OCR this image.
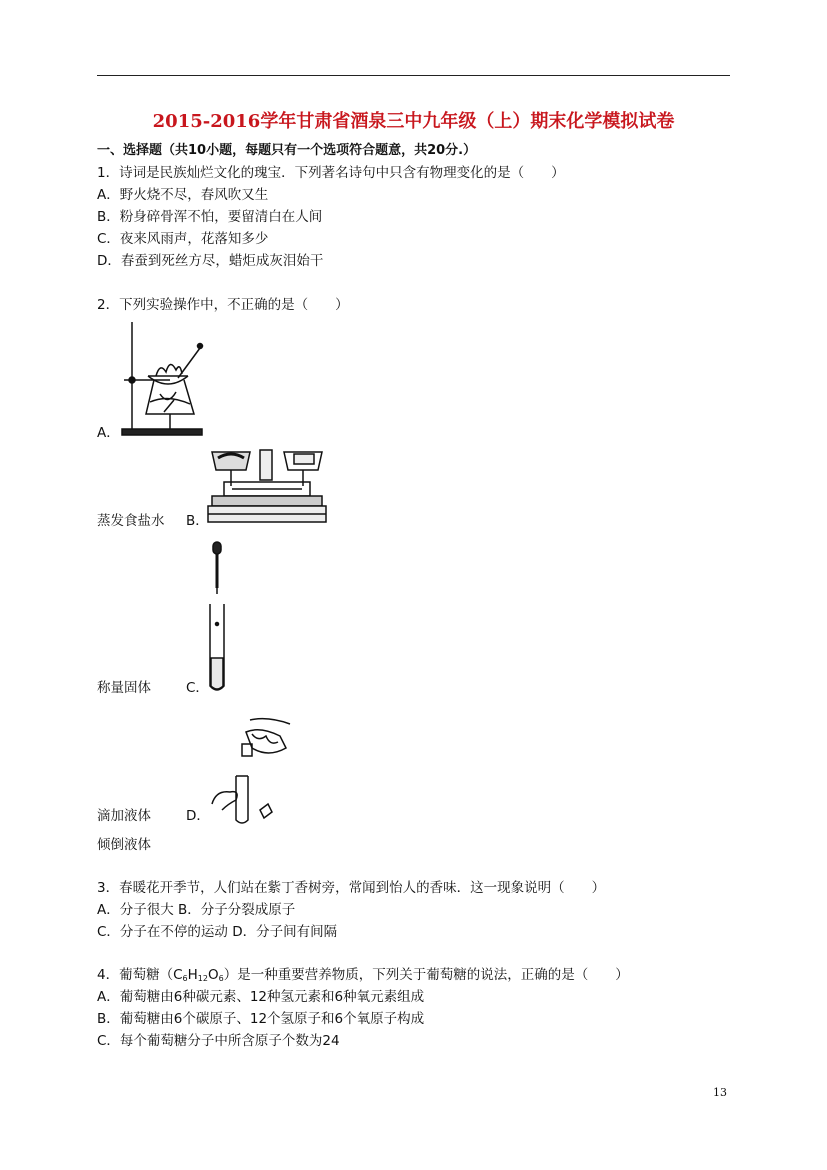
2015-2016学年甘肃省酒泉三中九年级（上）期末化学模拟试卷
一、选择题（共10小题，每题只有一个选项符合题意，共20分.）
1．诗词是民族灿烂文化的瑰宝．下列著名诗句中只含有物理变化的是（　　）
A．野火烧不尽，春风吹又生
B．粉身碎骨浑不怕，要留清白在人间
C．夜来风雨声，花落知多少
D．春蚕到死丝方尽，蜡炬成灰泪始干
2．下列实验操作中，不正确的是（　　）
A．
蒸发食盐水 B．
称量固体	C．
滴加液体	D．
倾倒液体
3．春暖花开季节，人们站在紫丁香树旁，常闻到怡人的香味．这一现象说明（　　）
A．分子很大 B．分子分裂成原子
C．分子在不停的运动 D．分子间有间隔
4．葡萄糖$(C_6H_{12}O_6)$是一种重要营养物质，下列关于葡萄糖的说法，正确的是（　　）
A．葡萄糖由6种碳元素、12种氢元素和6种氧元素组成
B．葡萄糖由6个碳原子、12个氢原子和6个氧原子构成
C．每个葡萄糖分子中所含原子个数为24
13
